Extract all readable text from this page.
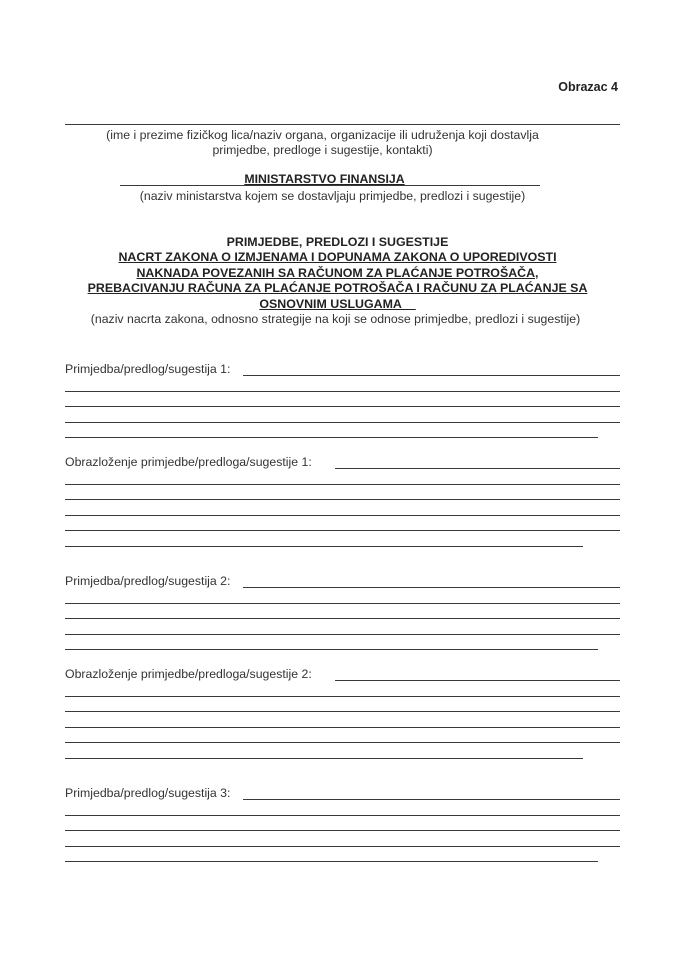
Obrazac 4
(ime i prezime fizičkog lica/naziv organa, organizacije ili udruženja koji dostavlja
primjedbe, predloge i sugestije, kontakti)
MINISTARSTVO FINANSIJA
(naziv ministarstva kojem se dostavljaju primjedbe, predlozi i sugestije)
PRIMJEDBE, PREDLOZI I SUGESTIJE
NACRT ZAKONA O IZMJENAMA I DOPUNAMA ZAKONA O UPOREDIVOSTI
NAKNADA POVEZANIH SA RAČUNOM ZA PLAĆANJE POTROŠAČA,
PREBACIVANJU RAČUNA ZA PLAĆANJE POTROŠAČA I RAČUNU ZA PLAĆANJE SA
OSNOVNIM USLUGAMA__
(naziv nacrta zakona, odnosno strategije na koji se odnose primjedbe, predlozi i sugestije)
Primjedba/predlog/sugestija 1:
Obrazloženje primjedbe/predloga/sugestije 1:
Primjedba/predlog/sugestija 2:
Obrazloženje primjedbe/predloga/sugestije 2:
Primjedba/predlog/sugestija 3:
